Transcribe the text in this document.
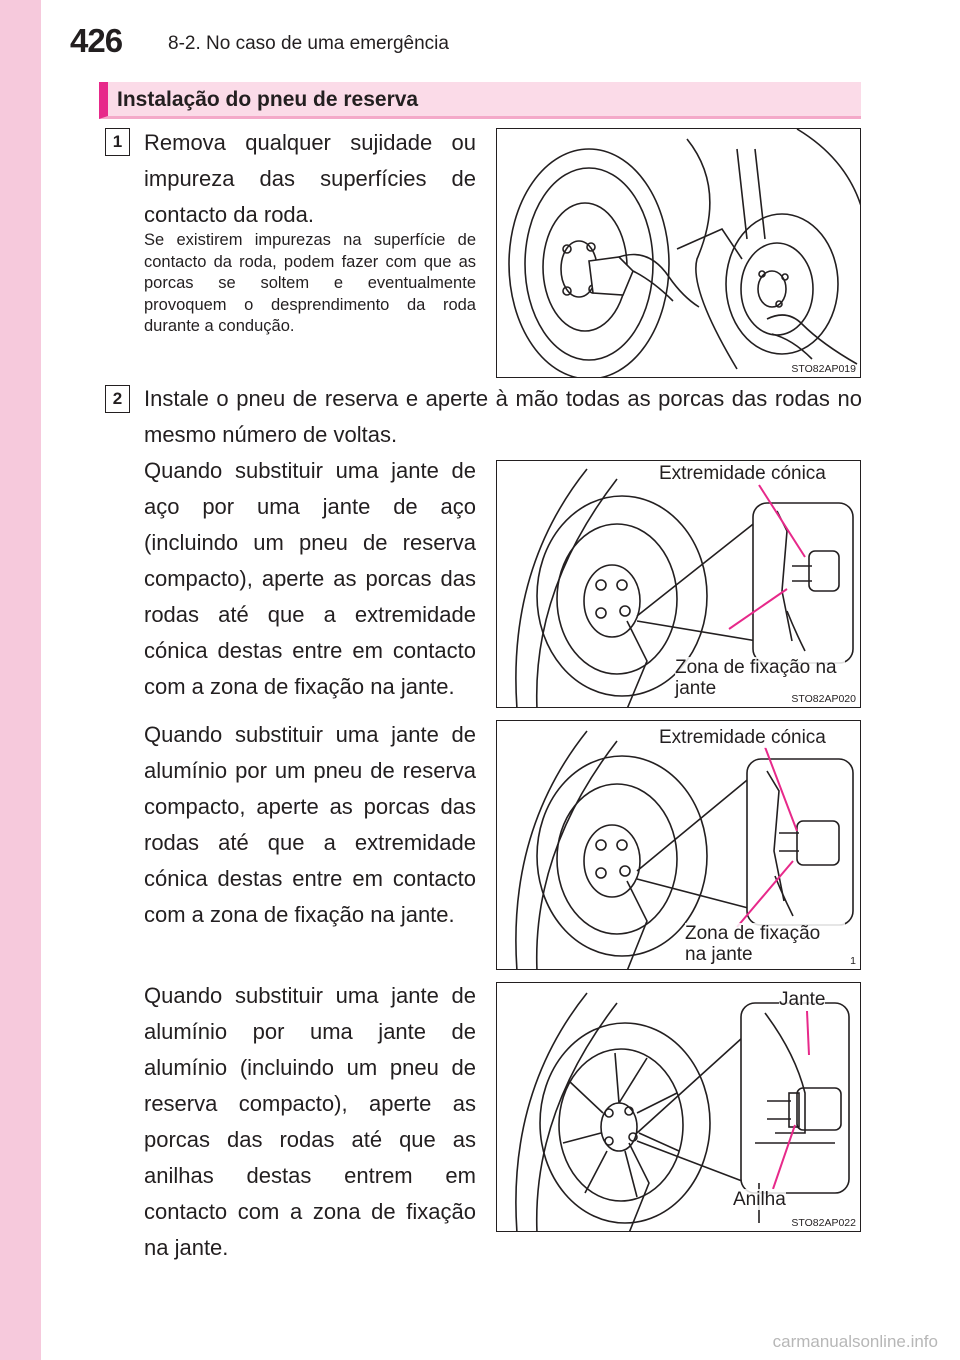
426 8-2. No caso de uma emergência
Instalação do pneu de reserva
1 Remova qualquer sujidade ou impureza das superfícies de contacto da roda.
Se existirem impurezas na superfície de contacto da roda, podem fazer com que as porcas se soltem e eventualmente provoquem o desprendimento da roda durante a condução.
STO82AP019
2 Instale o pneu de reserva e aperte à mão todas as porcas das rodas no mesmo número de voltas.
Quando substituir uma jante de aço por uma jante de aço (incluindo um pneu de reserva compacto), aperte as porcas das rodas até que a extremidade cónica destas entre em contacto com a zona de fixação na jante.
Quando substituir uma jante de alumínio por um pneu de reserva compacto, aperte as porcas das rodas até que a extremidade cónica destas entre em contacto com a zona de fixação na jante.
Quando substituir uma jante de alumínio por uma jante de alumínio (incluindo um pneu de reserva compacto), aperte as porcas das rodas até que as anilhas destas entrem em contacto com a zona de fixação na jante.
Extremidade cónica
Zona de fixação na jante	STO82AP020
Extremidade cónica
Zona de fixação na jante	1
Jante
Anilha
STO82AP022
carmanualsonline.info
